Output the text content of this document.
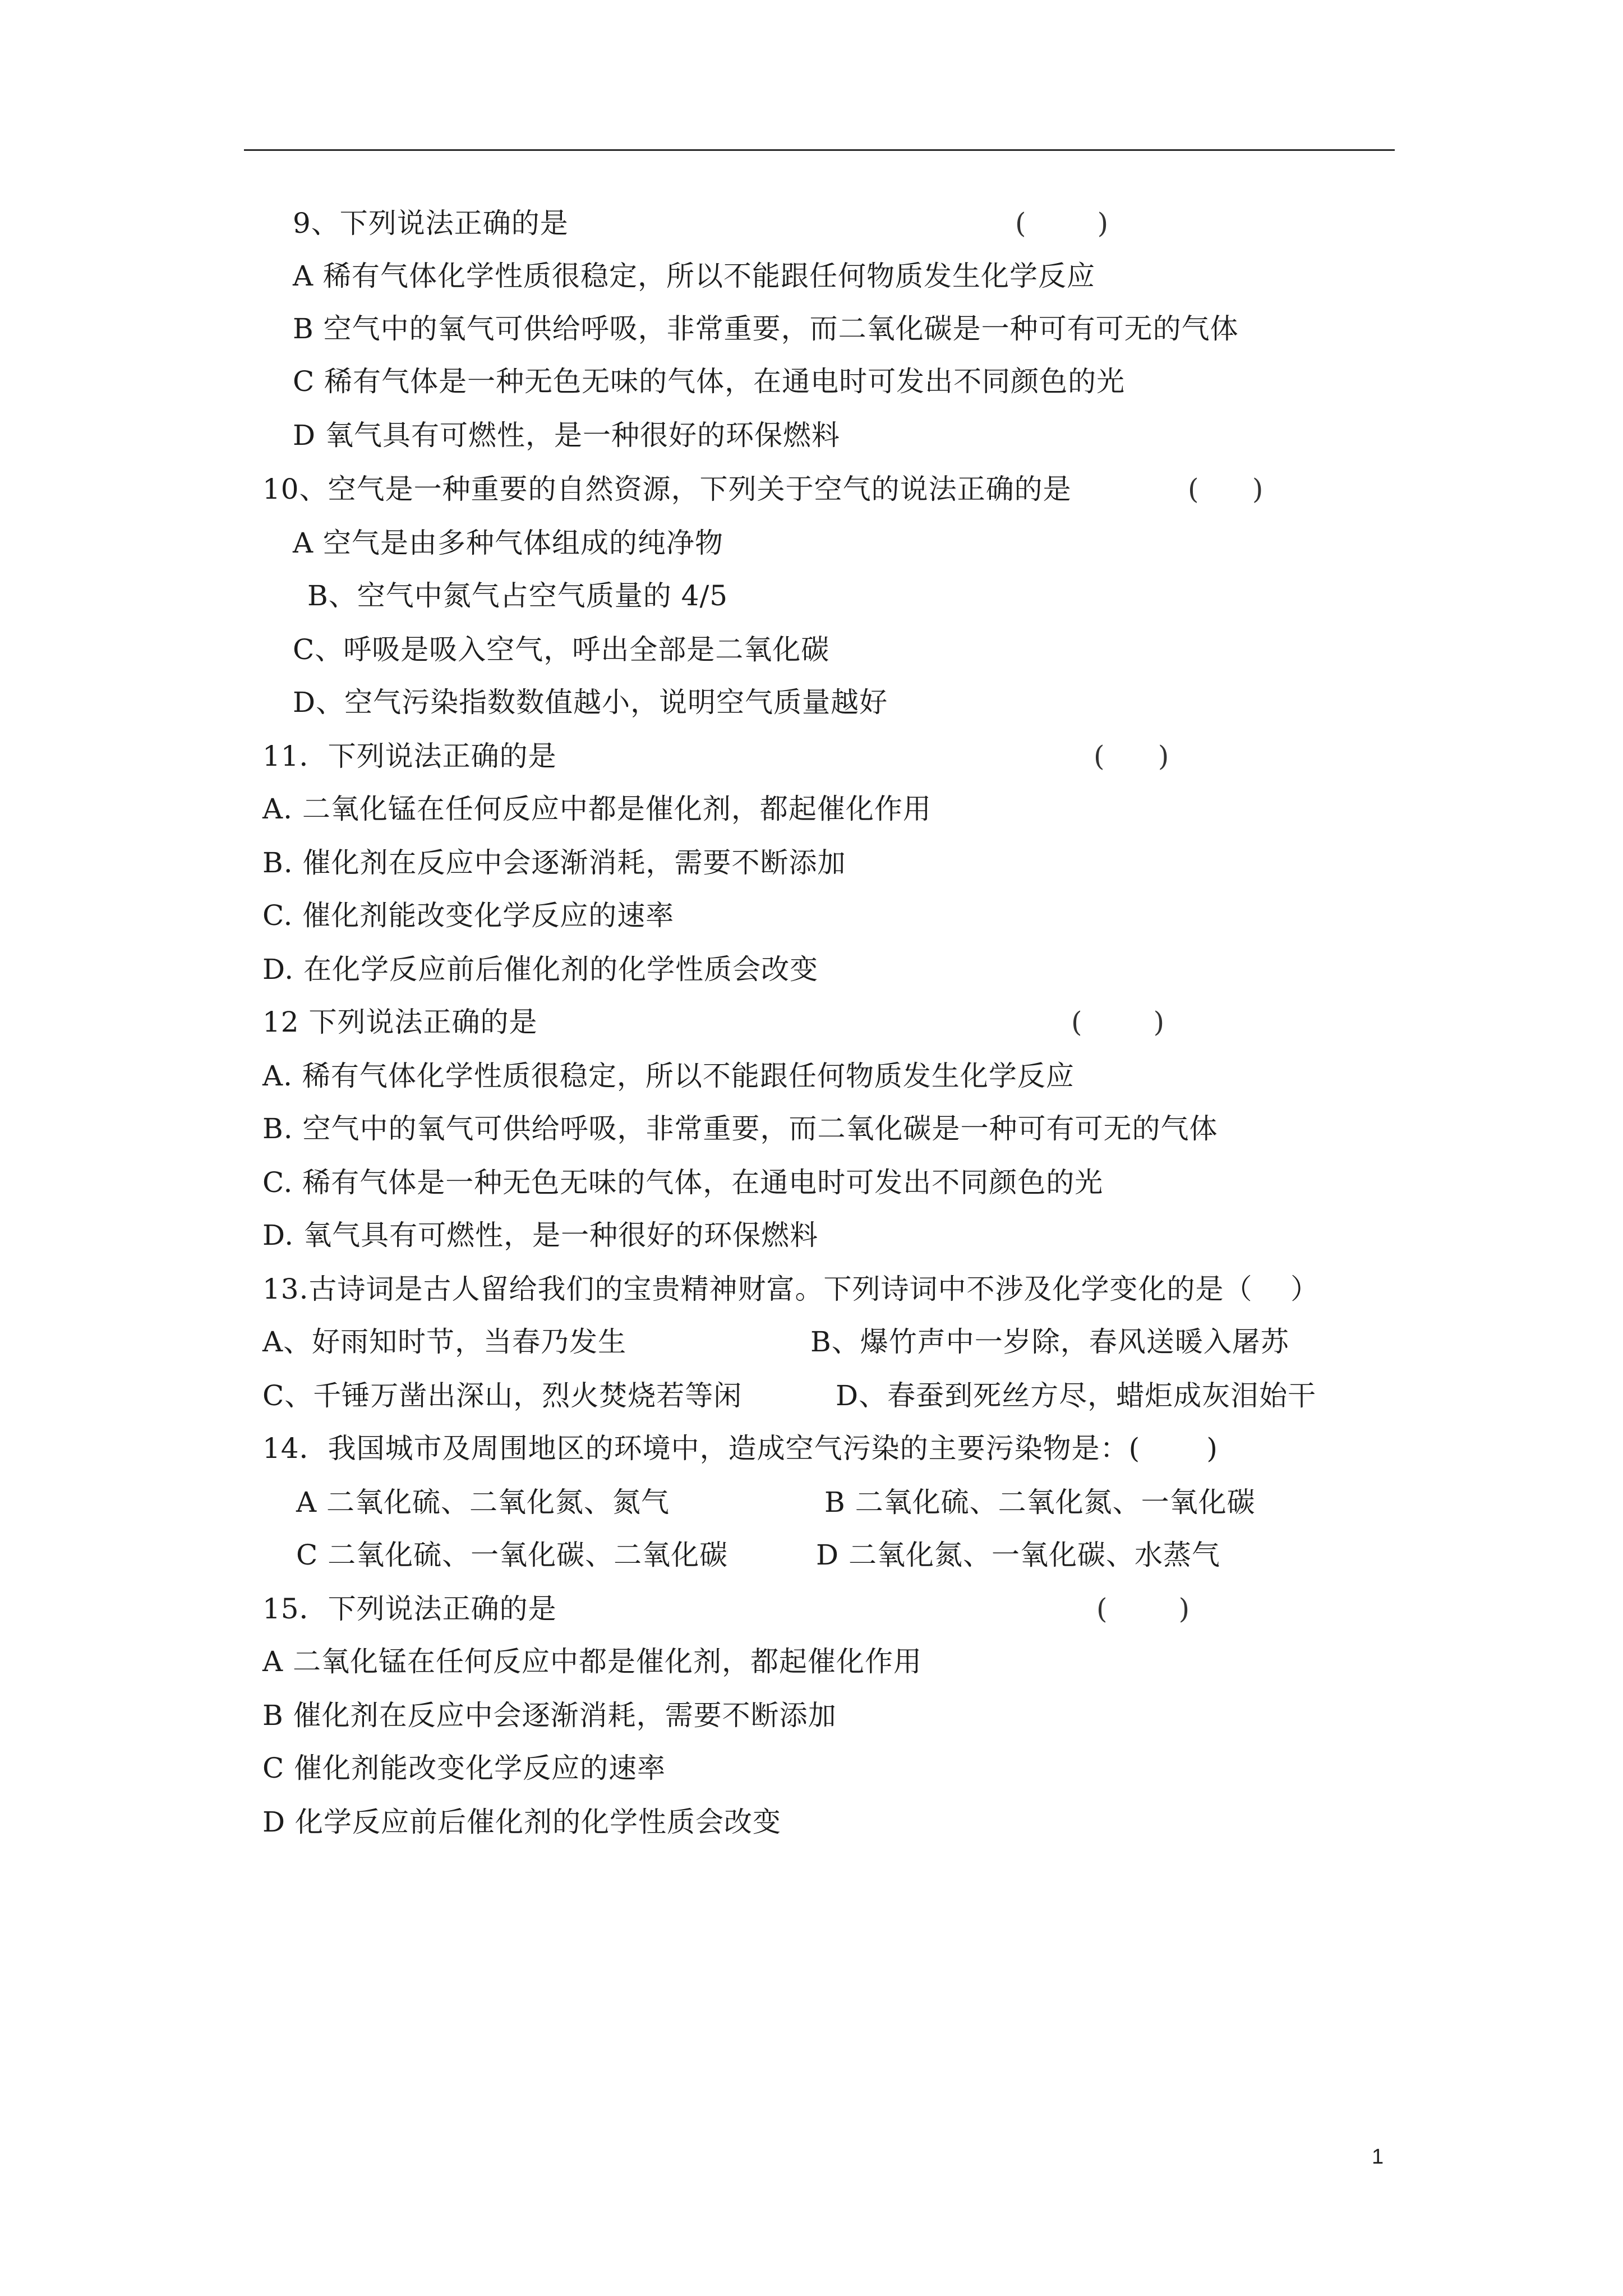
9、下列说法正确的是	(        )
A 稀有气体化学性质很稳定，所以不能跟任何物质发生化学反应
B 空气中的氧气可供给呼吸，非常重要，而二氧化碳是一种可有可无的气体
C 稀有气体是一种无色无味的气体，在通电时可发出不同颜色的光
D 氧气具有可燃性，是一种很好的环保燃料
10、空气是一种重要的自然资源，下列关于空气的说法正确的是	(      )
A 空气是由多种气体组成的纯净物
B、空气中氮气占空气质量的 4/5
C、呼吸是吸入空气，呼出全部是二氧化碳
D、空气污染指数数值越小，说明空气质量越好
11．下列说法正确的是	(      )
A. 二氧化锰在任何反应中都是催化剂，都起催化作用
B. 催化剂在反应中会逐渐消耗，需要不断添加
C. 催化剂能改变化学反应的速率
D. 在化学反应前后催化剂的化学性质会改变
12 下列说法正确的是	(        )
A. 稀有气体化学性质很稳定，所以不能跟任何物质发生化学反应
B. 空气中的氧气可供给呼吸，非常重要，而二氧化碳是一种可有可无的气体
C. 稀有气体是一种无色无味的气体，在通电时可发出不同颜色的光
D. 氧气具有可燃性，是一种很好的环保燃料
13.古诗词是古人留给我们的宝贵精神财富。下列诗词中不涉及化学变化的是（    ）
A、好雨知时节，当春乃发生	B、爆竹声中一岁除，春风送暖入屠苏
C、千锤万凿出深山，烈火焚烧若等闲	D、春蚕到死丝方尽，蜡炬成灰泪始干
14．我国城市及周围地区的环境中，造成空气污染的主要污染物是：(       )
A 二氧化硫、二氧化氮、氮气	B 二氧化硫、二氧化氮、一氧化碳
C 二氧化硫、一氧化碳、二氧化碳	D 二氧化氮、一氧化碳、水蒸气
15．下列说法正确的是	(        )
A 二氧化锰在任何反应中都是催化剂，都起催化作用
B 催化剂在反应中会逐渐消耗，需要不断添加
C 催化剂能改变化学反应的速率
D 化学反应前后催化剂的化学性质会改变
1
